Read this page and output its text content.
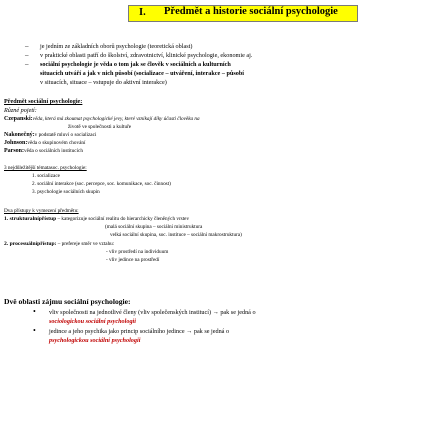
I. Předmět a historie sociální psychologie
– je jedním ze základních oborů psychologie (teoretická oblast)
– v praktické oblasti patří do školství, zdravotnictví, klinické psychologie, ekonomie aj.
– sociální psychologie je věda o tom jak se člověk v sociálních a kulturních
situacích utváří a jak v nich působí (socializace – utváření, interakce – působí
v situacích, situace – vstupuje do aktivní interakce)
Předmět sociální psychologie:
Různé pojetí:
Czepanski:věda, která má zkoumat psychologické jevy, které vznikají díky účasti člověka na
životě ve společnosti a kultuře
Nakonečný:v podstatě mluví o socializaci
Johnson:věda o skupinovém chování
Parson:věda o sociálních institucích
3 nejdůležitější tématasoc. psychologie:
1. socializace
2. sociální interakce (soc. percepce, soc. komunikace, soc. činnost)
3. psychologie sociálních skupin
Dva přístupy k vymezení předmětu:
1. strukturalnípřístup – kategorizuje sociální realitu do hierarchicky členěných vrstev
(malá sociální skupina – sociální ministruktura
velká sociální skupina, soc. instituce – sociální makrostruktura)
2. procesuálnípřístup: – prefereje směr ve vztahu:
- vliv prostředí na individuum
- vliv jedince na prostředí
Dvě oblasti zájmu sociální psychologie:
• vliv společnosti na jednotlivé členy (vliv společenských institucí) → pak se jedná o
sociologickou sociální psychologii
• jedince a jeho psychika jako princip sociálního jedince → pak se jedná o
psychologickou sociální psychologii
